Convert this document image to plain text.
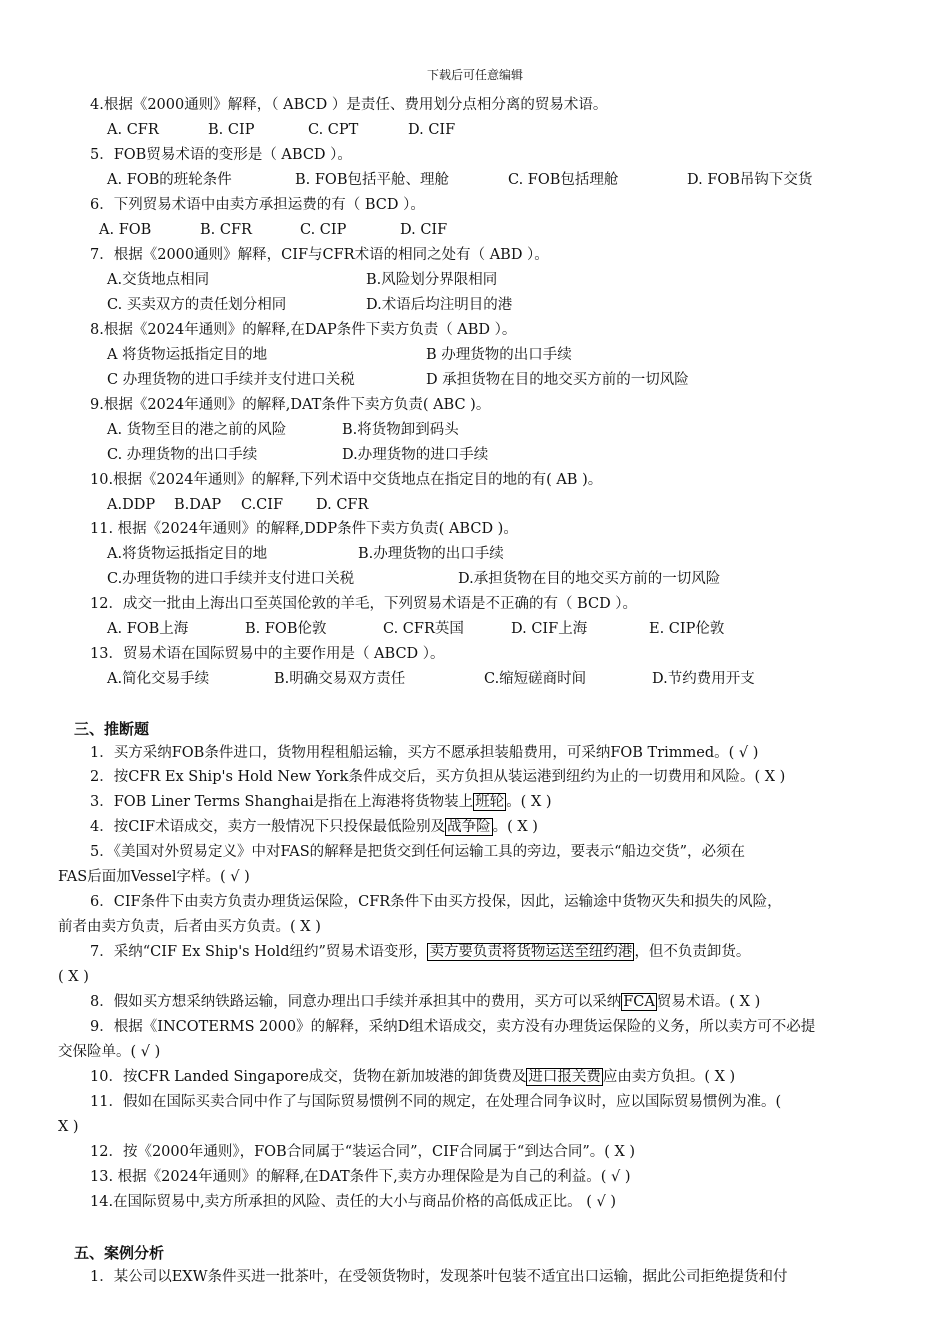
下载后可任意编辑
4.根据《2000通则》解释，（ ABCD ）是责任、费用划分点相分离的贸易术语。
A. CFR	B. CIP	C. CPT	D. CIF
5．FOB贸易术语的变形是（ ABCD ）。
A. FOB的班轮条件	B. FOB包括平舱、理舱	C. FOB包括理舱	D. FOB吊钩下交货
6．下列贸易术语中由卖方承担运费的有（ BCD ）。
A. FOB	B. CFR	C. CIP	D. CIF
7．根据《2000通则》解释，CIF与CFR术语的相同之处有（ ABD ）。
A.交货地点相同	B.风险划分界限相同
C. 买卖双方的责任划分相同	D.术语后均注明目的港
8.根据《2024年通则》的解释,在DAP条件下卖方负责（ ABD ）。
A 将货物运抵指定目的地	B 办理货物的出口手续
C 办理货物的进口手续并支付进口关税	D 承担货物在目的地交买方前的一切风险
9.根据《2024年通则》的解释,DAT条件下卖方负责( ABC )。
A. 货物至目的港之前的风险	B.将货物卸到码头
C. 办理货物的出口手续	D.办理货物的进口手续
10.根据《2024年通则》的解释,下列术语中交货地点在指定目的地的有( AB )。
A.DDP B.DAP C.CIF D. CFR
11. 根据《2024年通则》的解释,DDP条件下卖方负责( ABCD )。
A.将货物运抵指定目的地	B.办理货物的出口手续
C.办理货物的进口手续并支付进口关税	D.承担货物在目的地交买方前的一切风险
12．成交一批由上海出口至英国伦敦的羊毛，下列贸易术语是不正确的有（ BCD ）。
A. FOB上海	B. FOB伦敦	C. CFR英国	D. CIF上海	E. CIP伦敦
13．贸易术语在国际贸易中的主要作用是（ ABCD ）。
A.简化交易手续	B.明确交易双方责任	C.缩短磋商时间	D.节约费用开支
三、推断题
1．买方采纳FOB条件进口，货物用程租船运输，买方不愿承担装船费用，可采纳FOB Trimmed。( √ )
2．按CFR Ex Ship's Hold New York条件成交后，买方负担从装运港到纽约为止的一切费用和风险。( X )
3．FOB Liner Terms Shanghai是指在上海港将货物装上 班轮 。( X )
4．按CIF术语成交，卖方一般情况下只投保最低险别及 战争险 。( X )
5．《美国对外贸易定义》中对FAS的解释是把货交到任何运输工具的旁边，要表示“船边交货”，必须在
FAS后面加Vessel字样。( √ )
6．CIF条件下由卖方负责办理货运保险，CFR条件下由买方投保，因此，运输途中货物灭失和损失的风险，
前者由卖方负责，后者由买方负责。( X )
7．采纳“CIF Ex Ship's Hold纽约”贸易术语变形， 卖方要负责将货物运送至纽约港 ，但不负责卸货。
( X )
8．假如买方想采纳铁路运输，同意办理出口手续并承担其中的费用，买方可以采纳 FCA 贸易术语。( X )
9．根据《INCOTERMS 2000》的解释，采纳D组术语成交，卖方没有办理货运保险的义务，所以卖方可不必提
交保险单。( √ )
10．按CFR Landed Singapore成交，货物在新加坡港的卸货费及 进口报关费 应由卖方负担。( X )
11．假如在国际买卖合同中作了与国际贸易惯例不同的规定，在处理合同争议时，应以国际贸易惯例为准。(
X )
12．按《2000年通则》，FOB合同属于“装运合同”，CIF合同属于“到达合同”。( X )
13. 根据《2024年通则》的解释,在DAT条件下,卖方办理保险是为自己的利益。( √ )
14.在国际贸易中,卖方所承担的风险、责任的大小与商品价格的高低成正比。 ( √ )
五、案例分析
1．某公司以EXW条件买进一批茶叶，在受领货物时，发现茶叶包装不适宜出口运输，据此公司拒绝提货和付
